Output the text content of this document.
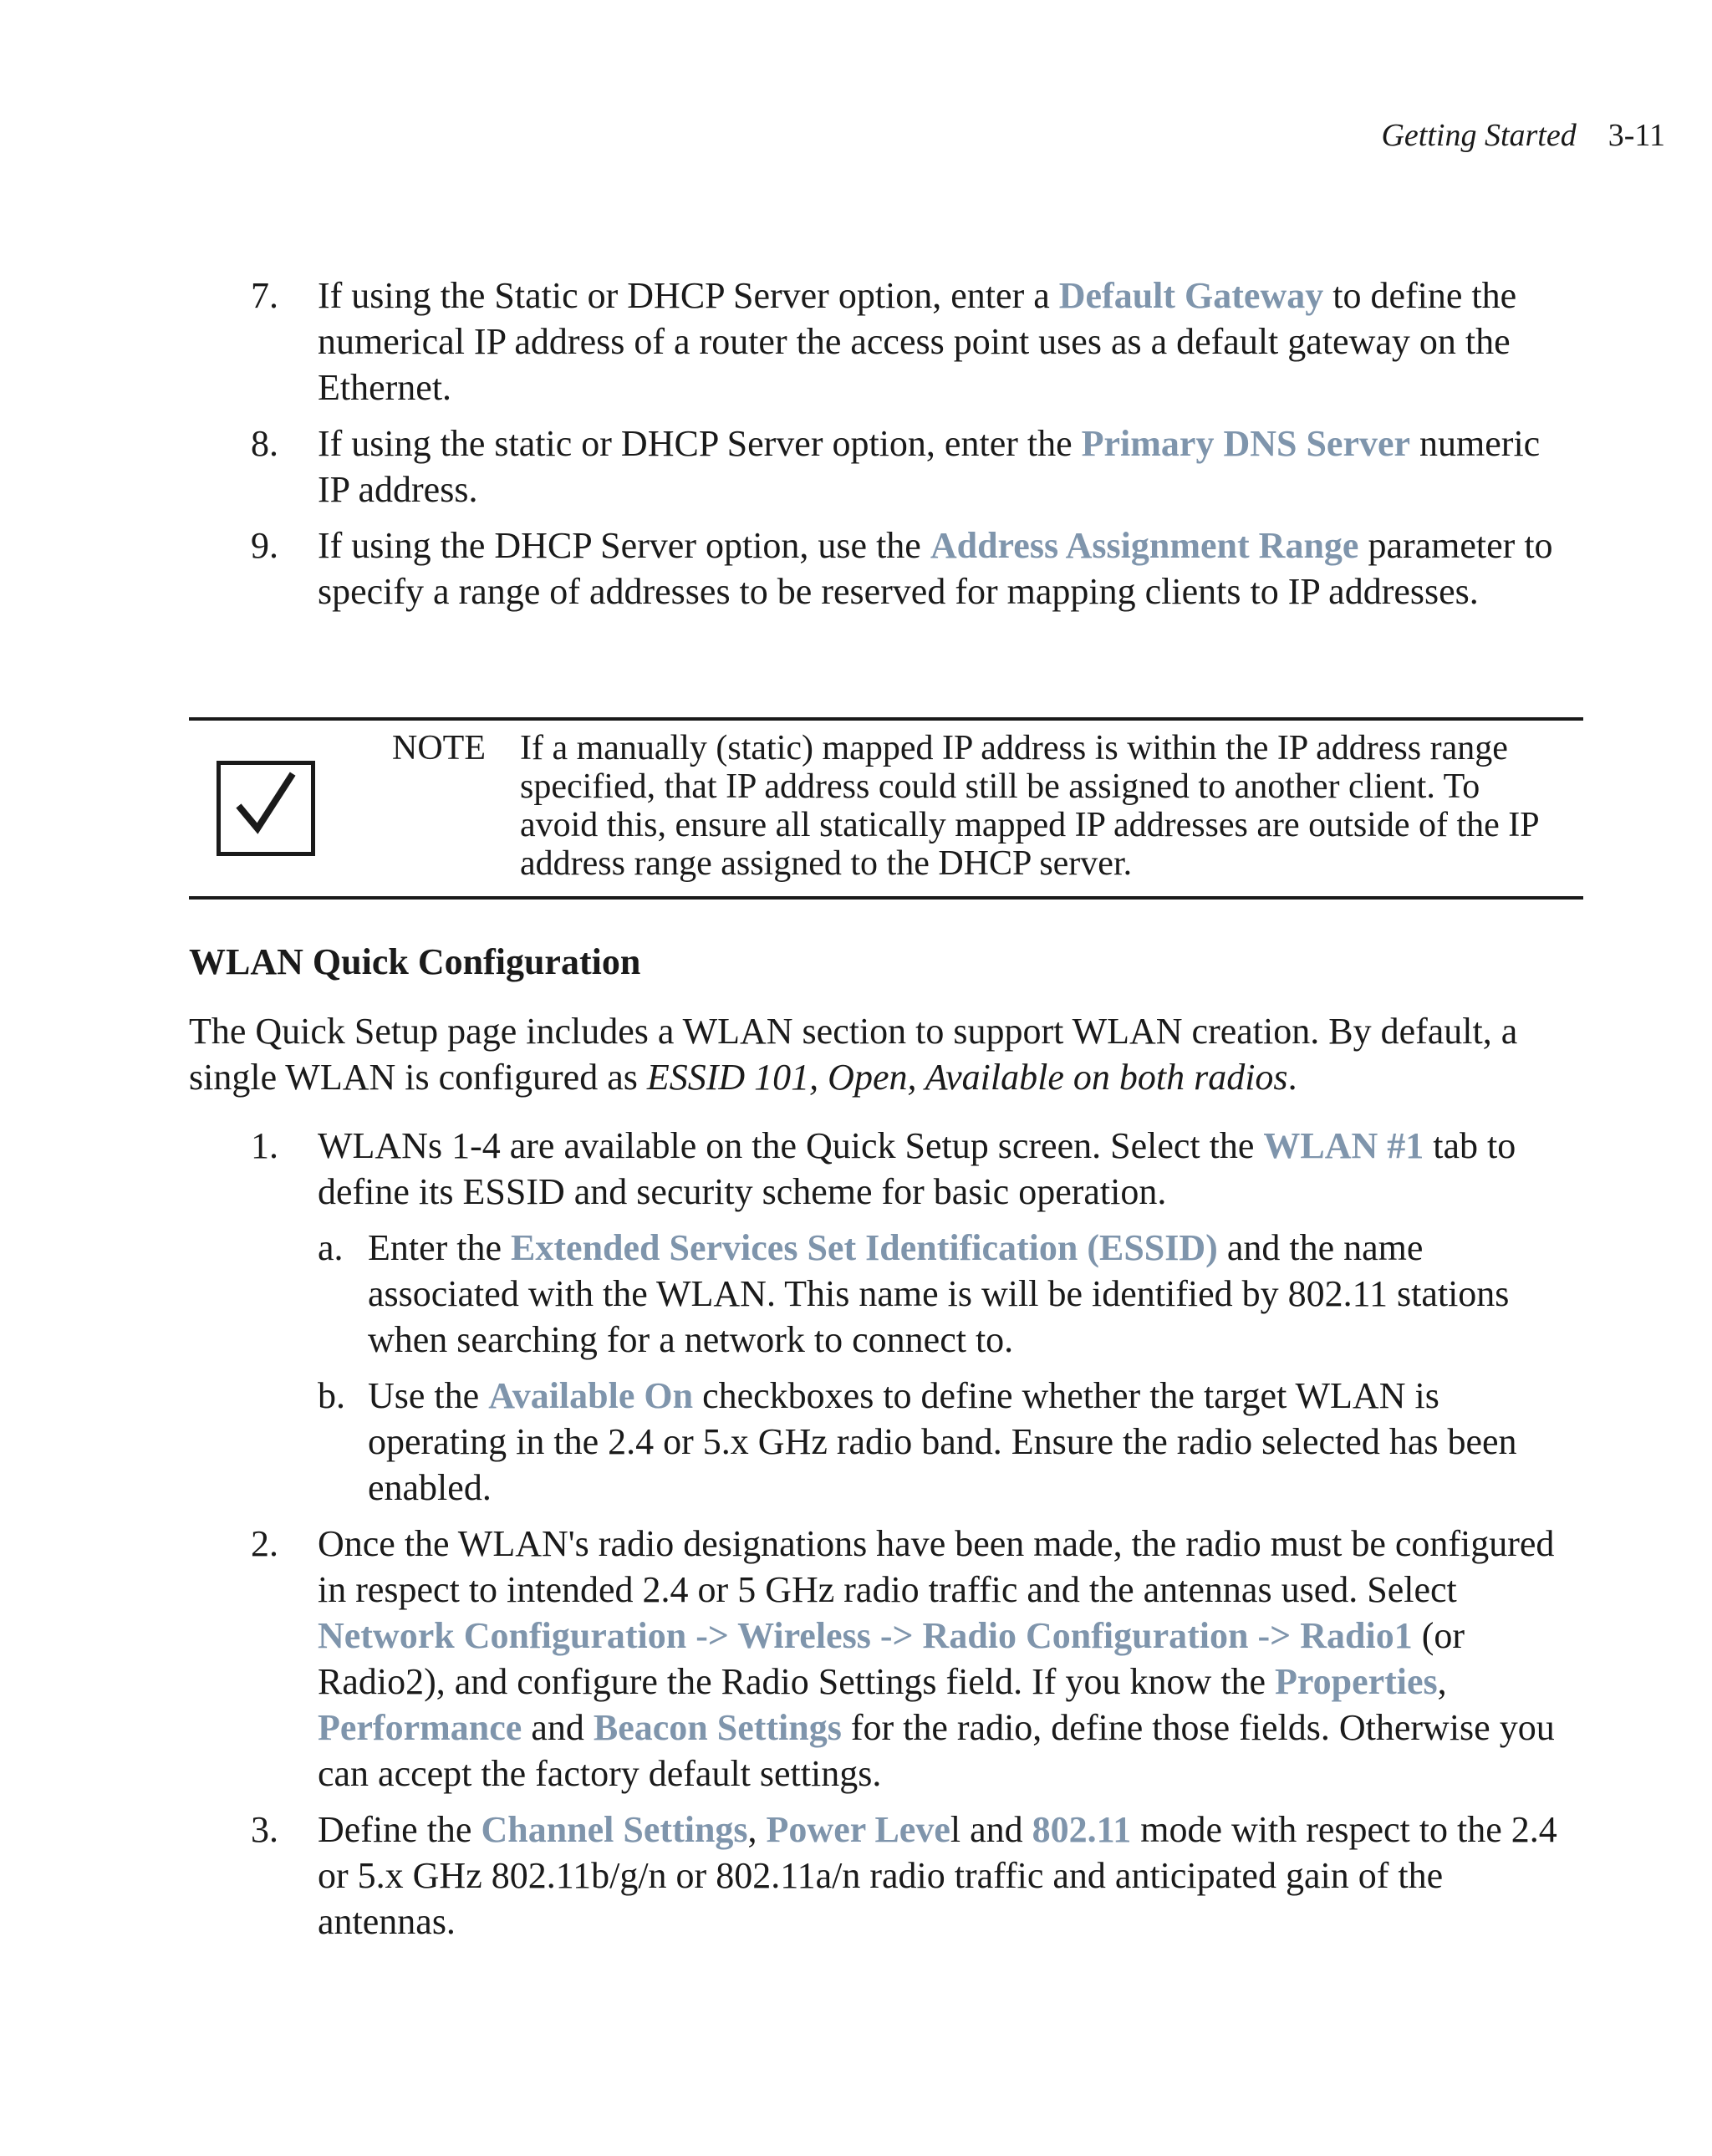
Getting Started 3-11
7. If using the Static or DHCP Server option, enter a Default Gateway to define the numerical IP address of a router the access point uses as a default gateway on the Ethernet.
8. If using the static or DHCP Server option, enter the Primary DNS Server numeric IP address.
9. If using the DHCP Server option, use the Address Assignment Range parameter to specify a range of addresses to be reserved for mapping clients to IP addresses.
NOTE If a manually (static) mapped IP address is within the IP address range specified, that IP address could still be assigned to another client. To avoid this, ensure all statically mapped IP addresses are outside of the IP address range assigned to the DHCP server.
WLAN Quick Configuration
The Quick Setup page includes a WLAN section to support WLAN creation. By default, a single WLAN is configured as ESSID 101, Open, Available on both radios.
1. WLANs 1-4 are available on the Quick Setup screen. Select the WLAN #1 tab to define its ESSID and security scheme for basic operation.
a. Enter the Extended Services Set Identification (ESSID) and the name associated with the WLAN. This name is will be identified by 802.11 stations when searching for a network to connect to.
b. Use the Available On checkboxes to define whether the target WLAN is operating in the 2.4 or 5.x GHz radio band. Ensure the radio selected has been enabled.
2. Once the WLAN's radio designations have been made, the radio must be configured in respect to intended 2.4 or 5 GHz radio traffic and the antennas used. Select Network Configuration -> Wireless -> Radio Configuration -> Radio1 (or Radio2), and configure the Radio Settings field. If you know the Properties, Performance and Beacon Settings for the radio, define those fields. Otherwise you can accept the factory default settings.
3. Define the Channel Settings, Power Level and 802.11 mode with respect to the 2.4 or 5.x GHz 802.11b/g/n or 802.11a/n radio traffic and anticipated gain of the antennas.
